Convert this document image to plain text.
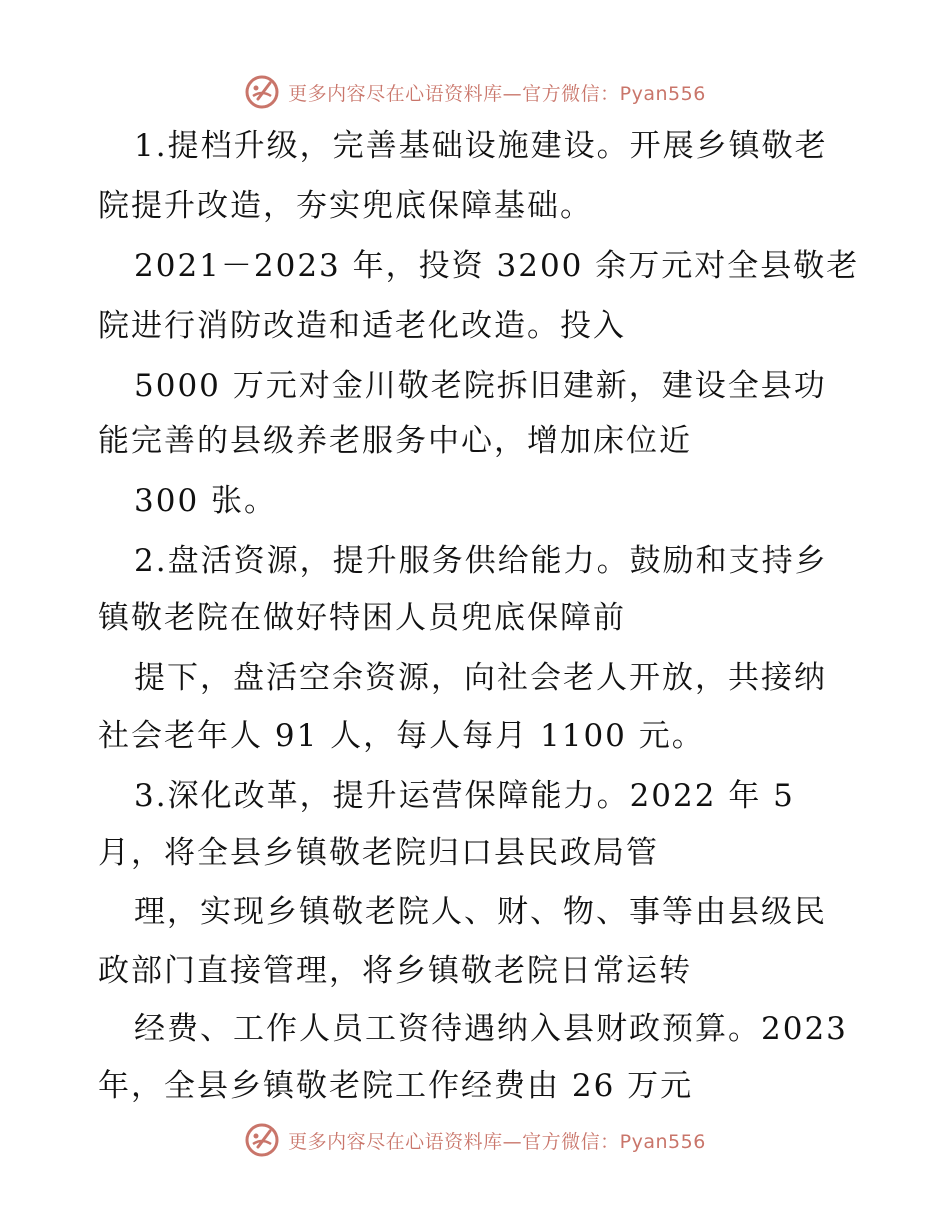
更多内容尽在心语资料库—官方微信：Pyan556
1.提档升级，完善基础设施建设。开展乡镇敬老
院提升改造，夯实兜底保障基础。
2021－2023 年，投资 3200 余万元对全县敬老
院进行消防改造和适老化改造。投入
5000 万元对金川敬老院拆旧建新，建设全县功
能完善的县级养老服务中心，增加床位近
300 张。
2.盘活资源，提升服务供给能力。鼓励和支持乡
镇敬老院在做好特困人员兜底保障前
提下，盘活空余资源，向社会老人开放，共接纳
社会老年人 91 人，每人每月 1100 元。
3.深化改革，提升运营保障能力。2022 年 5
月，将全县乡镇敬老院归口县民政局管
理，实现乡镇敬老院人、财、物、事等由县级民
政部门直接管理，将乡镇敬老院日常运转
经费、工作人员工资待遇纳入县财政预算。2023
年，全县乡镇敬老院工作经费由 26 万元
更多内容尽在心语资料库—官方微信：Pyan556
